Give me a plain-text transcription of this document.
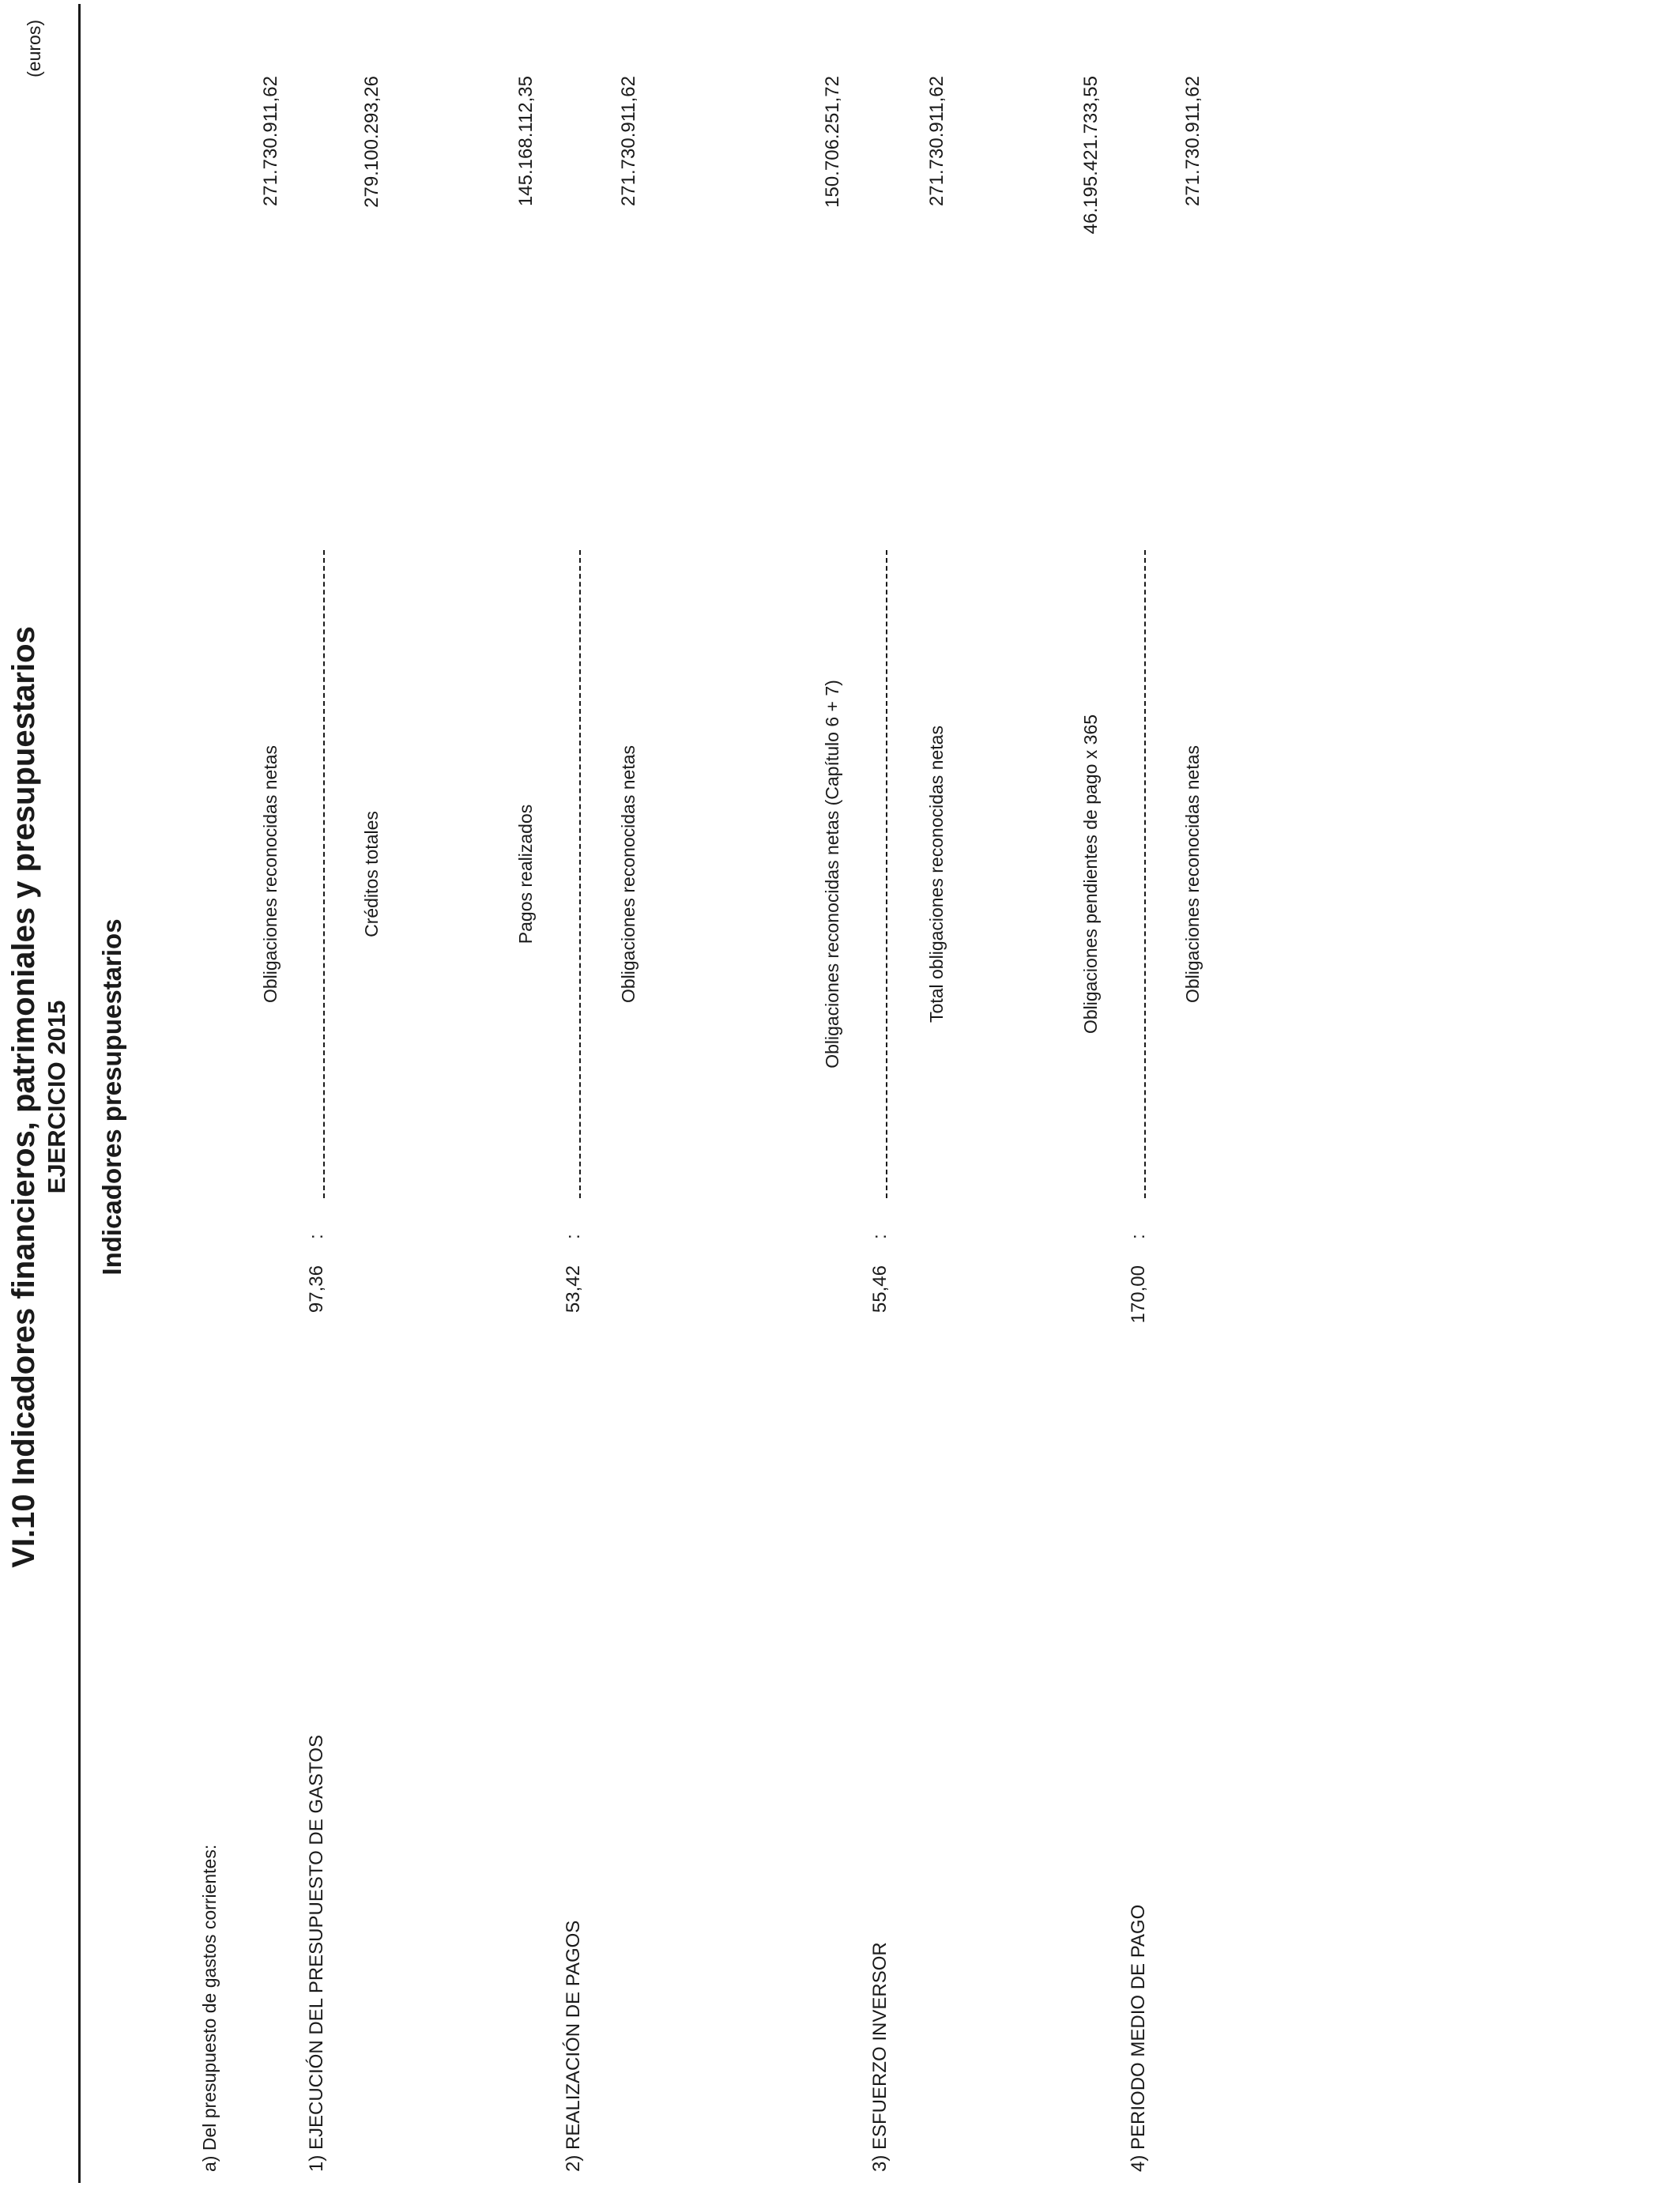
VI.10 Indicadores financieros, patrimoniales y presupuestarios EJERCICIO 2015
(euros)
Indicadores presupuestarios
a) Del presupuesto de gastos corrientes:
Obligaciones reconocidas netas
271.730.911,62
1) EJECUCIÓN DEL PRESUPUESTO DE GASTOS
97,36
:
Créditos totales
279.100.293,26
Pagos realizados
145.168.112,35
2) REALIZACIÓN DE PAGOS
53,42
:
Obligaciones reconocidas netas
271.730.911,62
Obligaciones reconocidas netas (Capítulo 6 + 7)
150.706.251,72
3) ESFUERZO INVERSOR
55,46
:
Total obligaciones reconocidas netas
271.730.911,62
Obligaciones pendientes de pago x 365
46.195.421.733,55
4) PERIODO MEDIO DE PAGO
170,00
:
Obligaciones reconocidas netas
271.730.911,62
